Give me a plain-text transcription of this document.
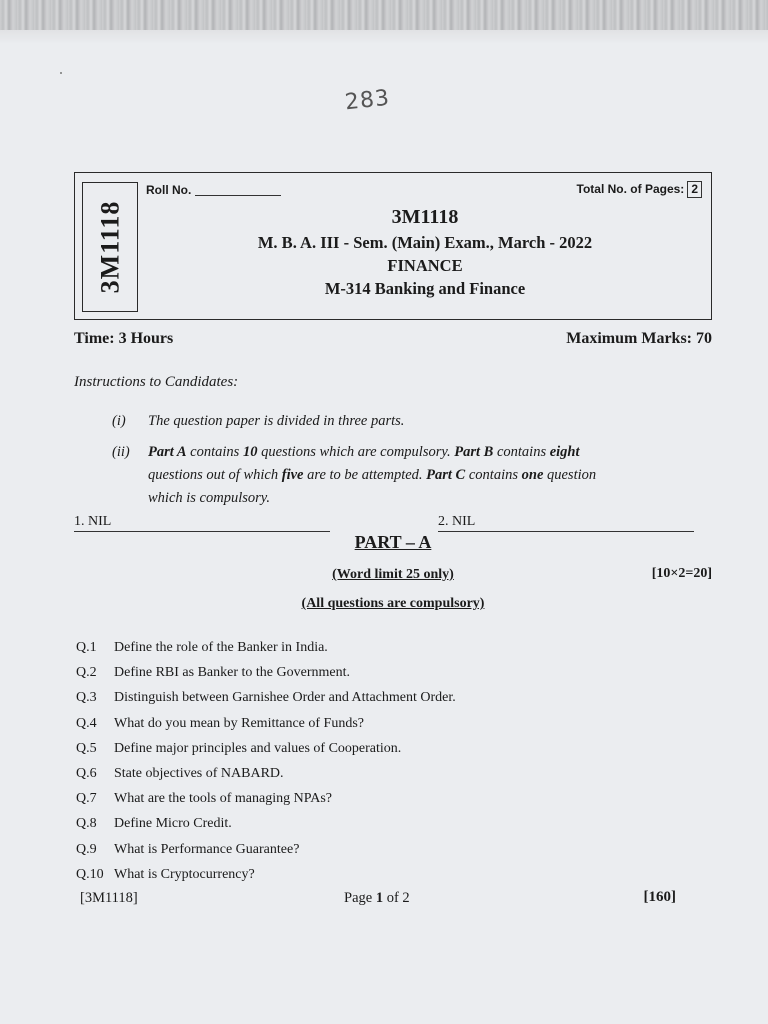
283
3M1118
Roll No.	Total No. of Pages: 2
3M1118
M. B. A. III - Sem. (Main) Exam., March - 2022
FINANCE
M-314 Banking and Finance
Time: 3 Hours	Maximum Marks: 70
Instructions to Candidates:
(i) The question paper is divided in three parts.
(ii) Part A contains 10 questions which are compulsory. Part B contains eight
questions out of which five are to be attempted. Part C contains one question
which is compulsory.
1. NIL	2. NIL
PART – A
(Word limit 25 only)	[10×2=20]
(All questions are compulsory)
Q.1 Define the role of the Banker in India.
Q.2 Define RBI as Banker to the Government.
Q.3 Distinguish between Garnishee Order and Attachment Order.
Q.4 What do you mean by Remittance of Funds?
Q.5 Define major principles and values of Cooperation.
Q.6 State objectives of NABARD.
Q.7 What are the tools of managing NPAs?
Q.8 Define Micro Credit.
Q.9 What is Performance Guarantee?
Q.10 What is Cryptocurrency?
[3M1118]	Page 1 of 2	[160]
